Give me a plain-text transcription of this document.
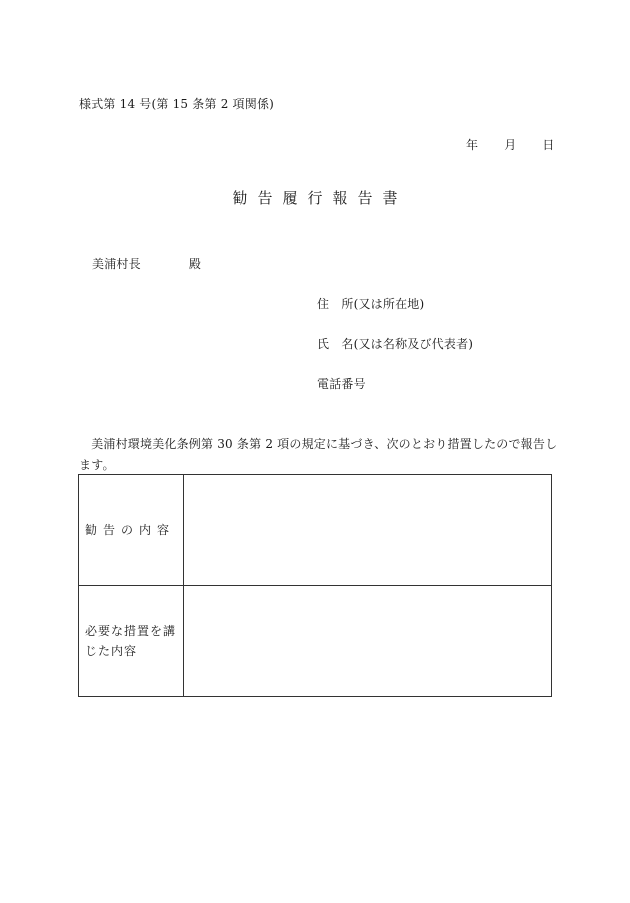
様式第 14 号(第 15 条第 2 項関係)
年 月 日
勧告履行報告書
美浦村長	殿
住　所(又は所在地)
氏　名(又は名称及び代表者)
電話番号
　美浦村環境美化条例第 30 条第 2 項の規定に基づき、次のとおり措置したので報告し
ます。
勧告の内容	

必要な措置を講じた内容	
